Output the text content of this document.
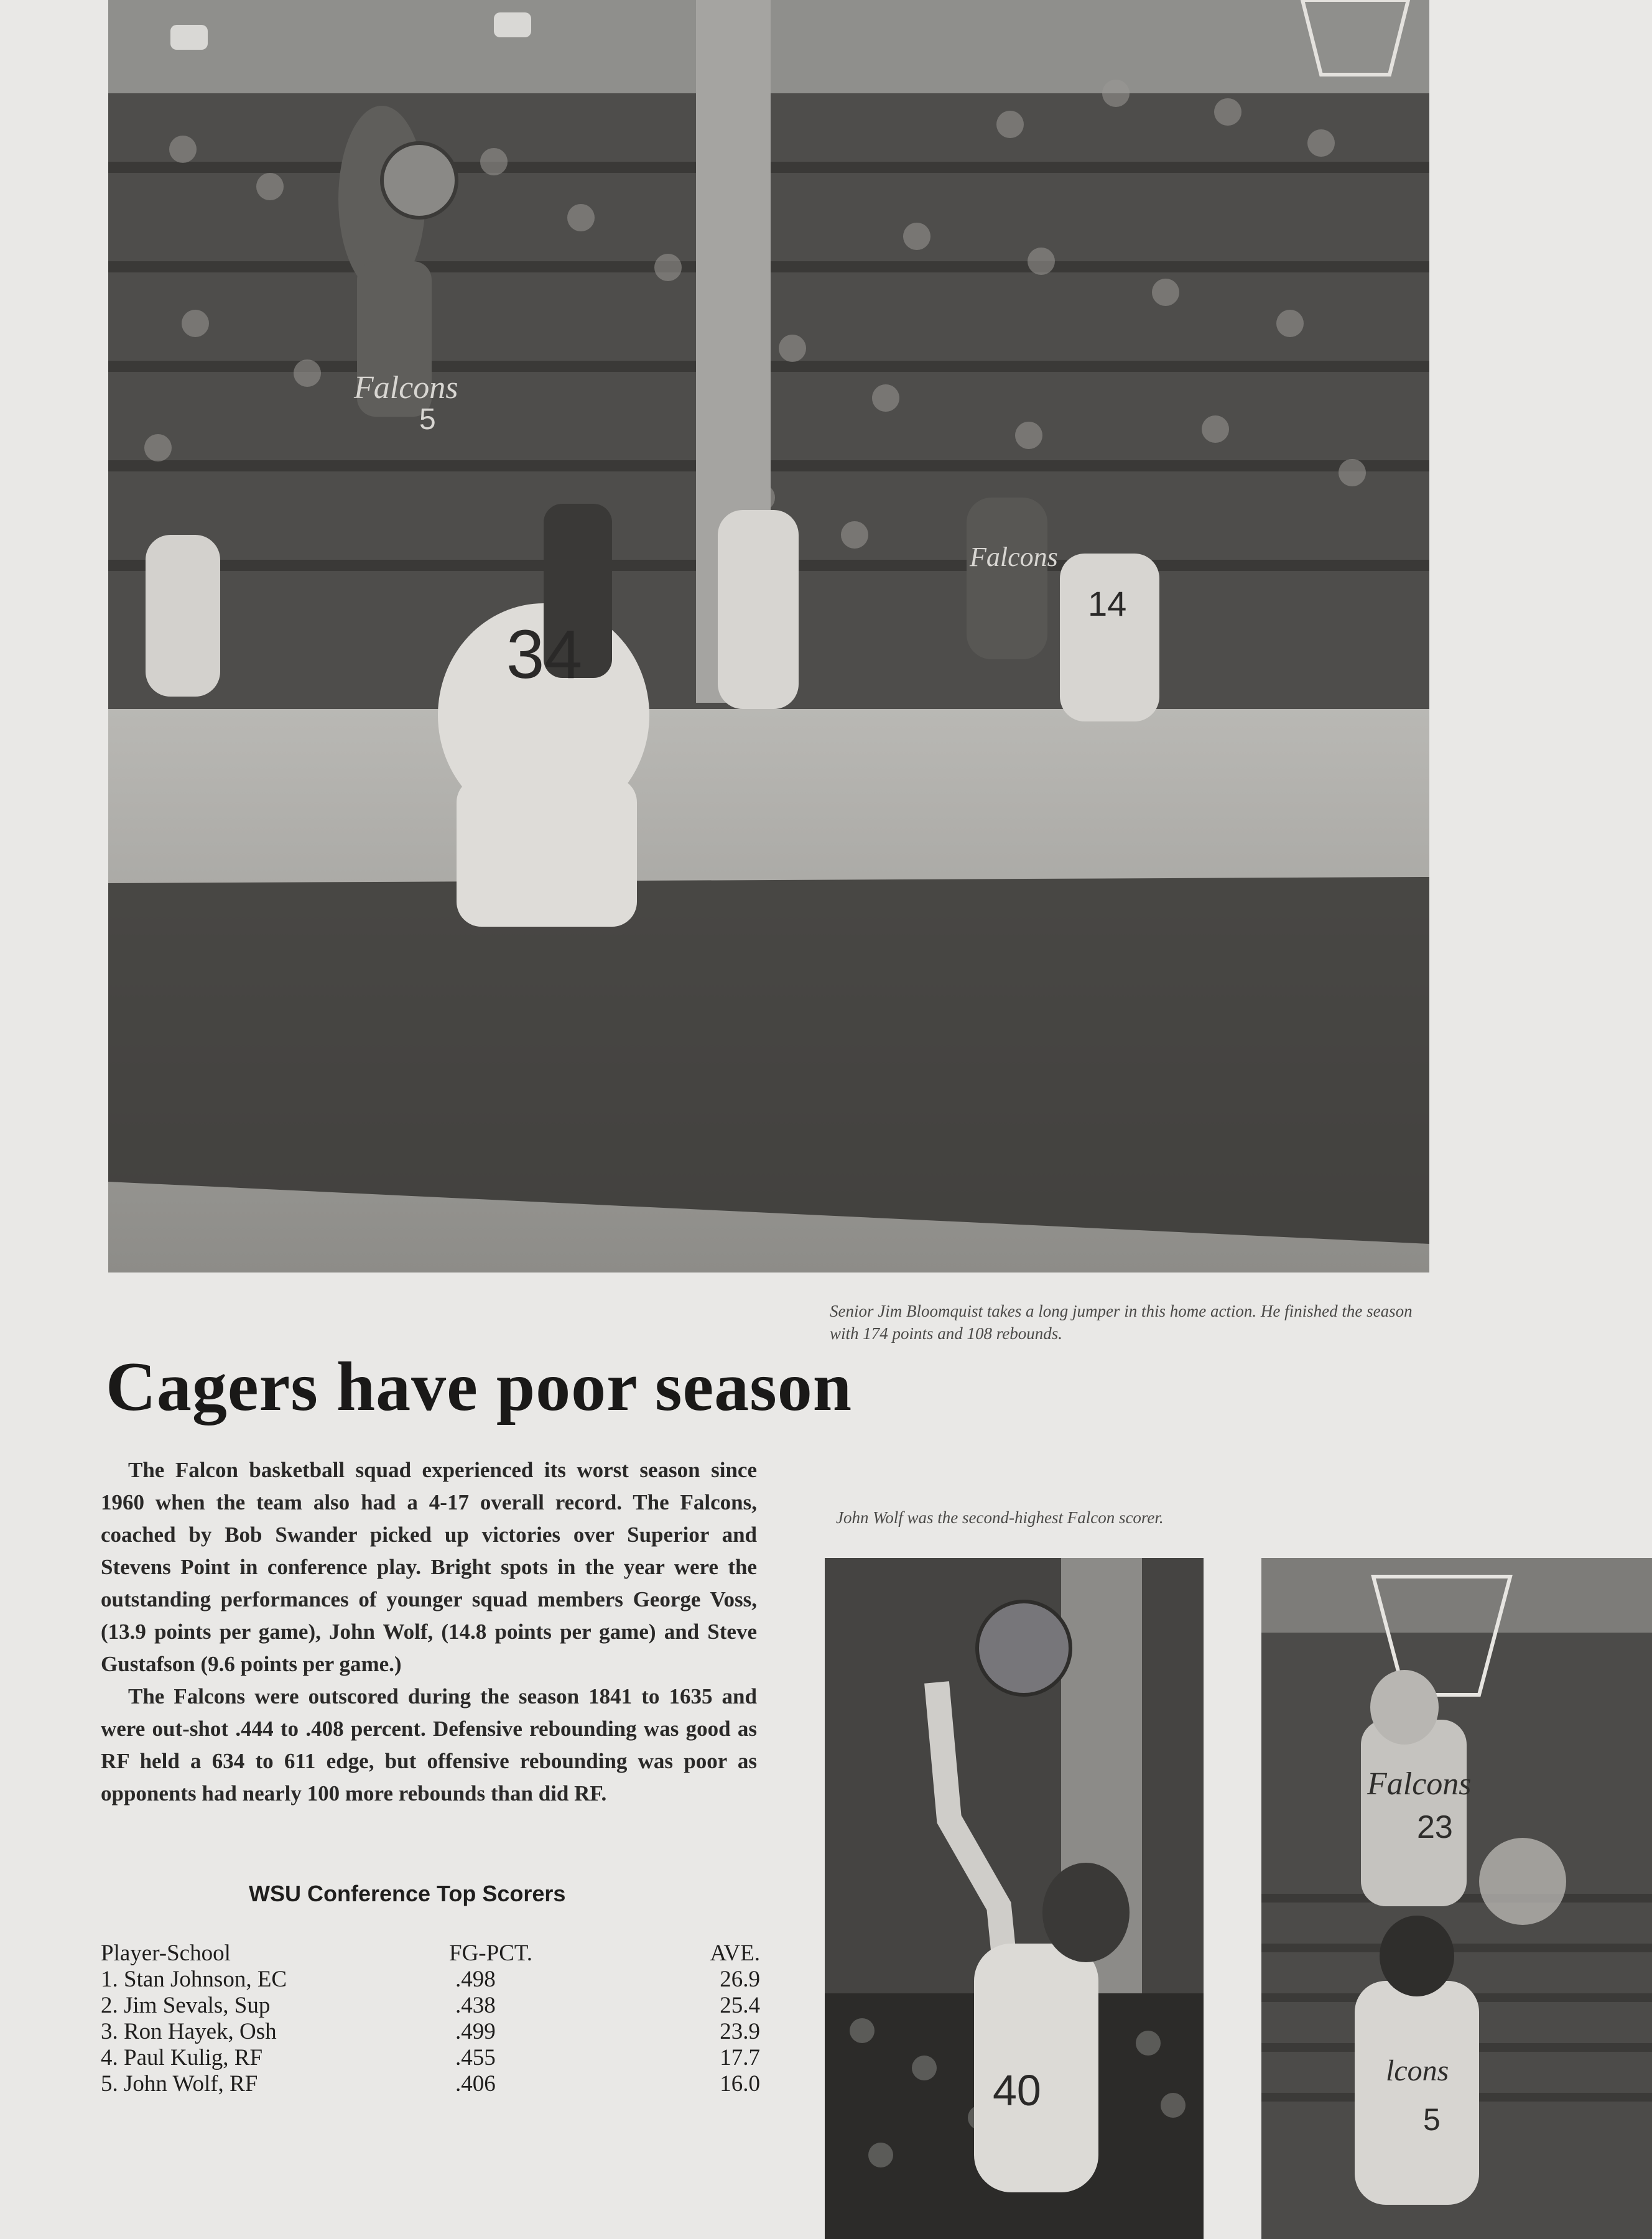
Falcons
5
34
14
Falcons

Senior Jim Bloomquist takes a long jumper in this home action. He finished the season with 174 points and 108 rebounds.

Cagers have poor season

The Falcon basketball squad experienced its worst season since 1960 when the team also had a 4-17 overall record. The Falcons, coached by Bob Swander picked up victories over Superior and Stevens Point in conference play. Bright spots in the year were the outstanding performances of younger squad members George Voss, (13.9 points per game), John Wolf, (14.8 points per game) and Steve Gustafson (9.6 points per game.)

The Falcons were outscored during the season 1841 to 1635 and were out-shot .444 to .408 percent. Defensive rebounding was good as RF held a 634 to 611 edge, but offensive rebounding was poor as opponents had nearly 100 more rebounds than did RF.

WSU Conference Top Scorers

Player-School	FG-PCT.	AVE.
1. Stan Johnson, EC	.498	26.9
2. Jim Sevals, Sup	.438	25.4
3. Ron Hayek, Osh	.499	23.9
4. Paul Kulig, RF	.455	17.7
5. John Wolf, RF	.406	16.0

John Wolf was the second-highest Falcon scorer.

40
Falcons
23
lcons
5
